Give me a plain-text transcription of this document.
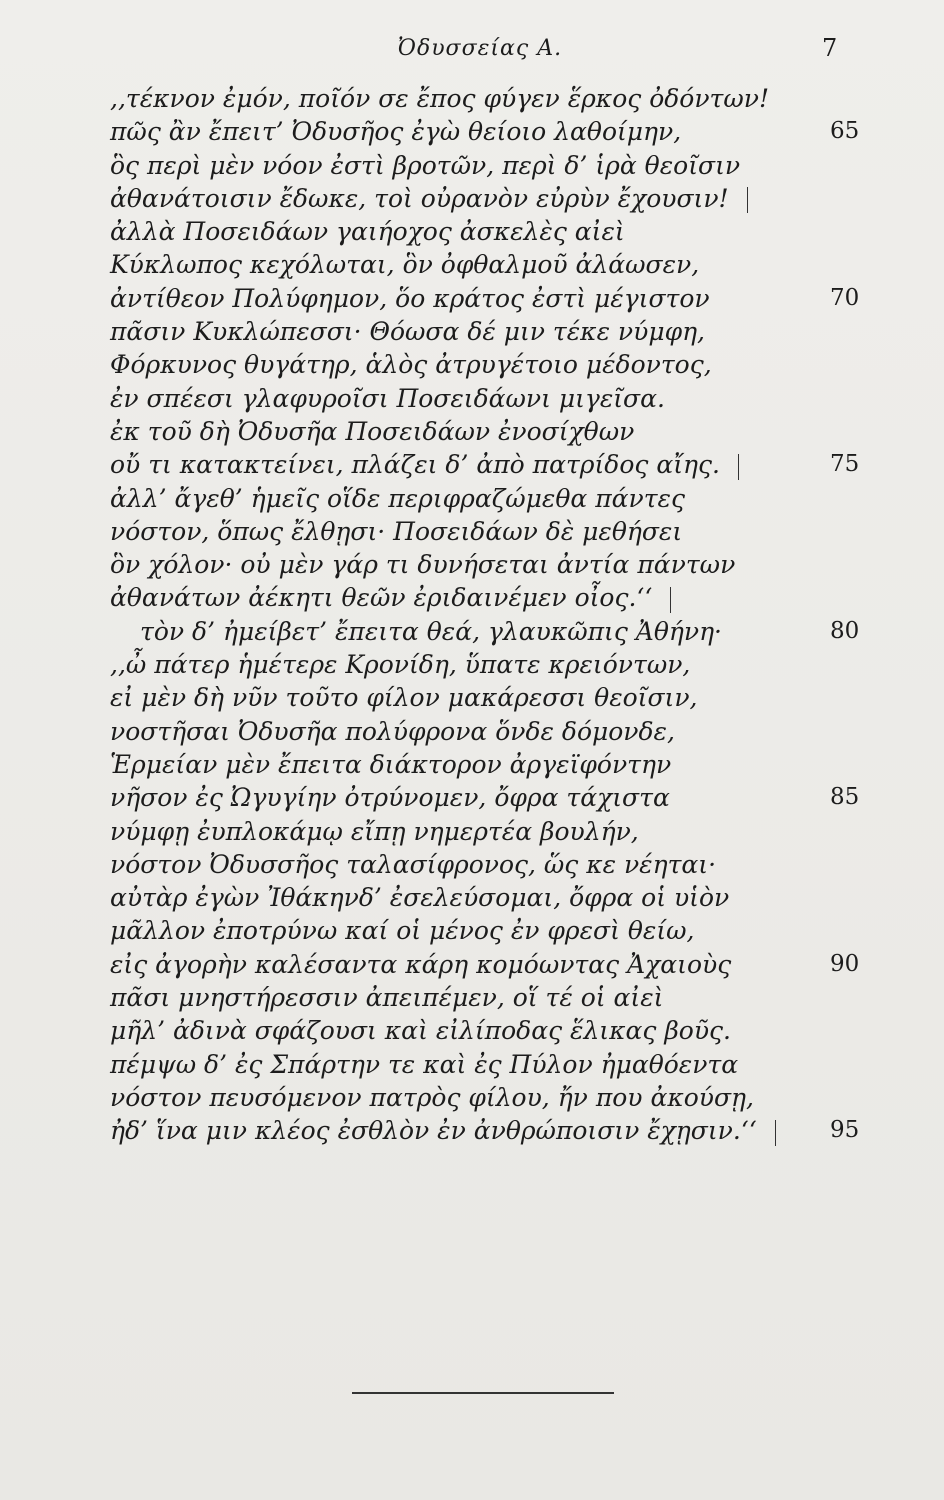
Ὀδυσσείας Α.	7
,,τέκνον ἐμόν, ποῖόν σε ἔπος φύγεν ἕρκος ὀδόντων!
πῶς ἂν ἔπειτ’ Ὀδυσῆος ἐγὼ θείοιο λαθοίμην,	65
ὃς περὶ μὲν νόον ἐστὶ βροτῶν, περὶ δ’ ἱρὰ θεοῖσιν
ἀθανάτοισιν ἔδωκε, τοὶ οὐρανὸν εὐρὺν ἔχουσιν!
ἀλλὰ Ποσειδάων γαιήοχος ἀσκελὲς αἰεὶ
Κύκλωπος κεχόλωται, ὃν ὀφθαλμοῦ ἀλάωσεν,
ἀντίθεον Πολύφημον, ὅο κράτος ἐστὶ μέγιστον	70
πᾶσιν Κυκλώπεσσι· Θόωσα δέ μιν τέκε νύμφη,
Φόρκυνος θυγάτηρ, ἁλὸς ἀτρυγέτοιο μέδοντος,
ἐν σπέεσι γλαφυροῖσι Ποσειδάωνι μιγεῖσα.
ἐκ τοῦ δὴ Ὀδυσῆα Ποσειδάων ἐνοσίχθων
οὔ τι κατακτείνει, πλάζει δ’ ἀπὸ πατρίδος αἴης.	75
ἀλλ’ ἄγεθ’ ἡμεῖς οἵδε περιφραζώμεθα πάντες
νόστον, ὅπως ἔλθῃσι· Ποσειδάων δὲ μεθήσει
ὃν χόλον· οὐ μὲν γάρ τι δυνήσεται ἀντία πάντων
ἀθανάτων ἀέκητι θεῶν ἐριδαινέμεν οἶος.‘‘
τὸν δ’ ἠμείβετ’ ἔπειτα θεά, γλαυκῶπις Ἀθήνη·	80
,,ὦ πάτερ ἡμέτερε Κρονίδη, ὕπατε κρειόντων,
εἰ μὲν δὴ νῦν τοῦτο φίλον μακάρεσσι θεοῖσιν,
νοστῆσαι Ὀδυσῆα πολύφρονα ὅνδε δόμονδε,
Ἑρμείαν μὲν ἔπειτα διάκτορον ἀργεϊφόντην
νῆσον ἐς Ὠγυγίην ὀτρύνομεν, ὄφρα τάχιστα	85
νύμφῃ ἐυπλοκάμῳ εἴπῃ νημερτέα βουλήν,
νόστον Ὀδυσσῆος ταλασίφρονος, ὥς κε νέηται·
αὐτὰρ ἐγὼν Ἰθάκηνδ’ ἐσελεύσομαι, ὄφρα οἱ υἱὸν
μᾶλλον ἐποτρύνω καί οἱ μένος ἐν φρεσὶ θείω,
εἰς ἀγορὴν καλέσαντα κάρη κομόωντας Ἀχαιοὺς	90
πᾶσι μνηστήρεσσιν ἀπειπέμεν, οἵ τέ οἱ αἰεὶ
μῆλ’ ἀδινὰ σφάζουσι καὶ εἰλίποδας ἕλικας βοῦς.
πέμψω δ’ ἐς Σπάρτην τε καὶ ἐς Πύλον ἠμαθόεντα
νόστον πευσόμενον πατρὸς φίλου, ἤν που ἀκούσῃ,
ἠδ’ ἵνα μιν κλέος ἐσθλὸν ἐν ἀνθρώποισιν ἔχῃσιν.‘‘	95
